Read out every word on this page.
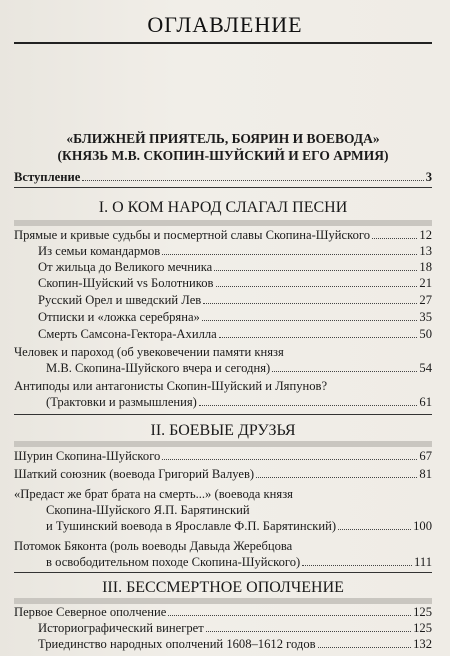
ОГЛАВЛЕНИЕ
«БЛИЖНЕЙ ПРИЯТЕЛЬ, БОЯРИН И ВОЕВОДА»
(КНЯЗЬ М.В. СКОПИН-ШУЙСКИЙ И ЕГО АРМИЯ)
Вступление	3
I. О КОМ НАРОД СЛАГАЛ ПЕСНИ
Прямые и кривые судьбы и посмертной славы Скопина-Шуйского	12
Из семьи командармов	13
От жильца до Великого мечника	18
Скопин-Шуйский vs Болотников	21
Русский Орел и шведский Лев	27
Отписки и «ложка серебряна»	35
Смерть Самсона-Гектора-Ахилла	50
Человек и пароход (об увековечении памяти князя
М.В. Скопина-Шуйского вчера и сегодня)	54
Антиподы или антагонисты Скопин-Шуйский и Ляпунов?
(Трактовки и размышления)	61
II. БОЕВЫЕ ДРУЗЬЯ
Шурин Скопина-Шуйского	67
Шаткий союзник (воевода Григорий Валуев)	81
«Предаст же брат брата на смерть...» (воевода князя
Скопина-Шуйского Я.П. Барятинский
и Тушинский воевода в Ярославле Ф.П. Барятинский)	100
Потомок Бяконта (роль воеводы Давыда Жеребцова
в освободительном походе Скопина-Шуйского)	111
III. БЕССМЕРТНОЕ ОПОЛЧЕНИЕ
Первое Северное ополчение	125
Историографический винегрет	125
Триединство народных ополчений 1608–1612 годов	132
